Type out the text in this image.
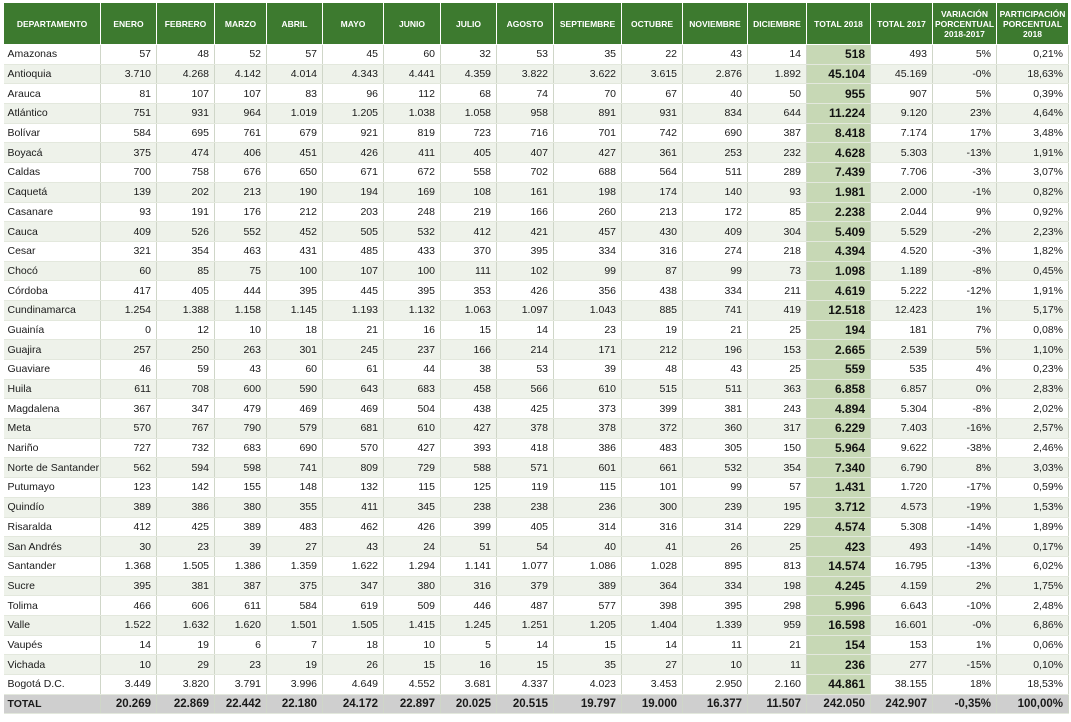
DEPARTAMENTO	ENERO	FEBRERO	MARZO	ABRIL	MAYO	JUNIO	JULIO	AGOSTO	SEPTIEMBRE	OCTUBRE	NOVIEMBRE	DICIEMBRE	TOTAL 2018	TOTAL 2017	VARIACIÓN PORCENTUAL 2018-2017	PARTICIPACIÓN PORCENTUAL 2018
Amazonas	57	48	52	57	45	60	32	53	35	22	43	14	518	493	5%	0,21%
Antioquia	3.710	4.268	4.142	4.014	4.343	4.441	4.359	3.822	3.622	3.615	2.876	1.892	45.104	45.169	-0%	18,63%
Arauca	81	107	107	83	96	112	68	74	70	67	40	50	955	907	5%	0,39%
Atlántico	751	931	964	1.019	1.205	1.038	1.058	958	891	931	834	644	11.224	9.120	23%	4,64%
Bolívar	584	695	761	679	921	819	723	716	701	742	690	387	8.418	7.174	17%	3,48%
Boyacá	375	474	406	451	426	411	405	407	427	361	253	232	4.628	5.303	-13%	1,91%
Caldas	700	758	676	650	671	672	558	702	688	564	511	289	7.439	7.706	-3%	3,07%
Caquetá	139	202	213	190	194	169	108	161	198	174	140	93	1.981	2.000	-1%	0,82%
Casanare	93	191	176	212	203	248	219	166	260	213	172	85	2.238	2.044	9%	0,92%
Cauca	409	526	552	452	505	532	412	421	457	430	409	304	5.409	5.529	-2%	2,23%
Cesar	321	354	463	431	485	433	370	395	334	316	274	218	4.394	4.520	-3%	1,82%
Chocó	60	85	75	100	107	100	111	102	99	87	99	73	1.098	1.189	-8%	0,45%
Córdoba	417	405	444	395	445	395	353	426	356	438	334	211	4.619	5.222	-12%	1,91%
Cundinamarca	1.254	1.388	1.158	1.145	1.193	1.132	1.063	1.097	1.043	885	741	419	12.518	12.423	1%	5,17%
Guainía	0	12	10	18	21	16	15	14	23	19	21	25	194	181	7%	0,08%
Guajira	257	250	263	301	245	237	166	214	171	212	196	153	2.665	2.539	5%	1,10%
Guaviare	46	59	43	60	61	44	38	53	39	48	43	25	559	535	4%	0,23%
Huila	611	708	600	590	643	683	458	566	610	515	511	363	6.858	6.857	0%	2,83%
Magdalena	367	347	479	469	469	504	438	425	373	399	381	243	4.894	5.304	-8%	2,02%
Meta	570	767	790	579	681	610	427	378	378	372	360	317	6.229	7.403	-16%	2,57%
Nariño	727	732	683	690	570	427	393	418	386	483	305	150	5.964	9.622	-38%	2,46%
Norte de Santander	562	594	598	741	809	729	588	571	601	661	532	354	7.340	6.790	8%	3,03%
Putumayo	123	142	155	148	132	115	125	119	115	101	99	57	1.431	1.720	-17%	0,59%
Quindío	389	386	380	355	411	345	238	238	236	300	239	195	3.712	4.573	-19%	1,53%
Risaralda	412	425	389	483	462	426	399	405	314	316	314	229	4.574	5.308	-14%	1,89%
San Andrés	30	23	39	27	43	24	51	54	40	41	26	25	423	493	-14%	0,17%
Santander	1.368	1.505	1.386	1.359	1.622	1.294	1.141	1.077	1.086	1.028	895	813	14.574	16.795	-13%	6,02%
Sucre	395	381	387	375	347	380	316	379	389	364	334	198	4.245	4.159	2%	1,75%
Tolima	466	606	611	584	619	509	446	487	577	398	395	298	5.996	6.643	-10%	2,48%
Valle	1.522	1.632	1.620	1.501	1.505	1.415	1.245	1.251	1.205	1.404	1.339	959	16.598	16.601	-0%	6,86%
Vaupés	14	19	6	7	18	10	5	14	15	14	11	21	154	153	1%	0,06%
Vichada	10	29	23	19	26	15	16	15	35	27	10	11	236	277	-15%	0,10%
Bogotá D.C.	3.449	3.820	3.791	3.996	4.649	4.552	3.681	4.337	4.023	3.453	2.950	2.160	44.861	38.155	18%	18,53%
TOTAL	20.269	22.869	22.442	22.180	24.172	22.897	20.025	20.515	19.797	19.000	16.377	11.507	242.050	242.907	-0,35%	100,00%
